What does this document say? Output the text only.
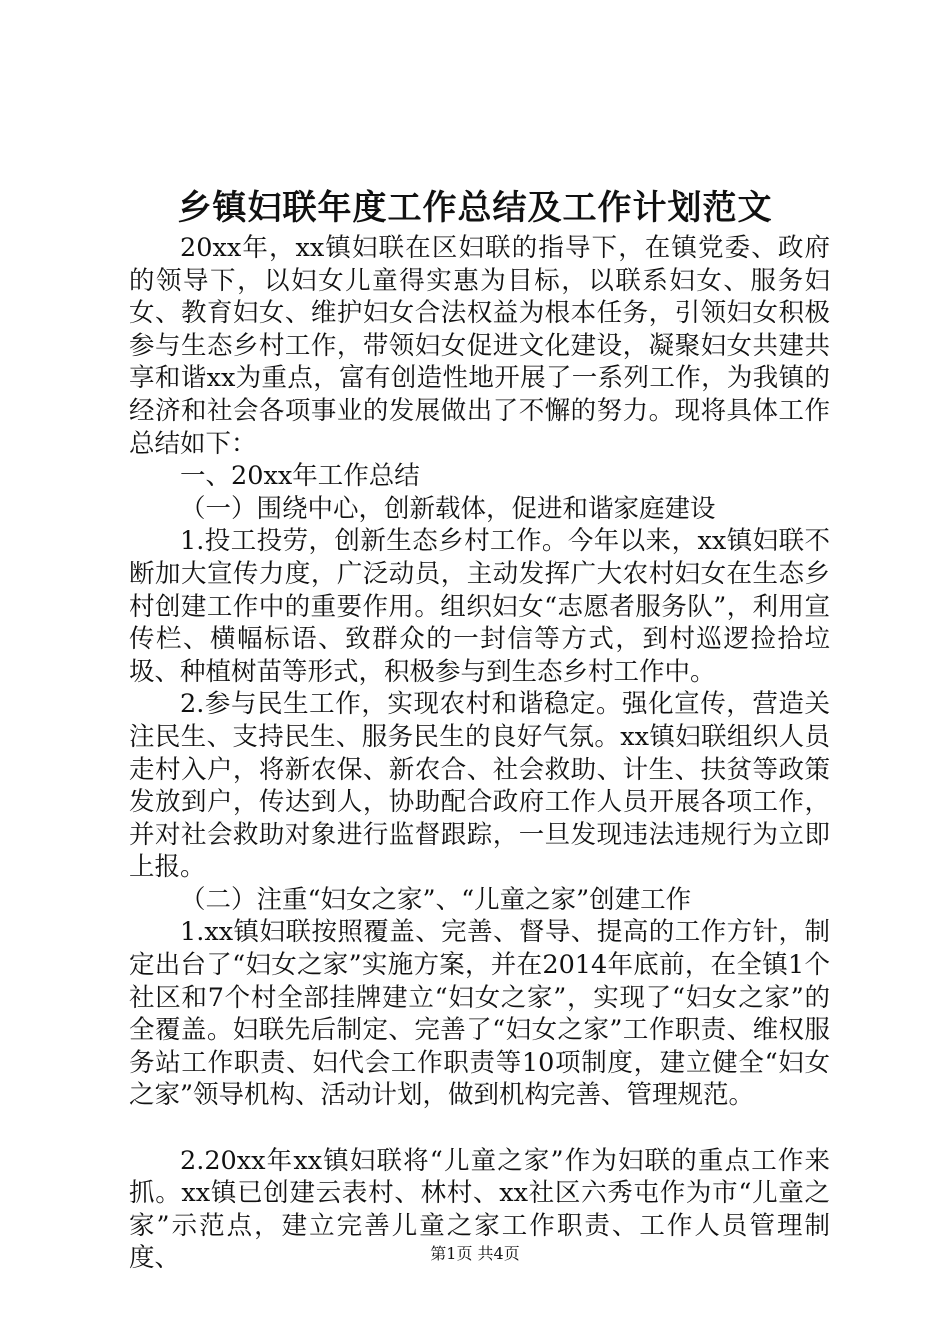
乡镇妇联年度工作总结及工作计划范文

20xx年，xx镇妇联在区妇联的指导下，在镇党委、政府的领导下，以妇女儿童得实惠为目标，以联系妇女、服务妇女、教育妇女、维护妇女合法权益为根本任务，引领妇女积极参与生态乡村工作，带领妇女促进文化建设，凝聚妇女共建共享和谐xx为重点，富有创造性地开展了一系列工作，为我镇的经济和社会各项事业的发展做出了不懈的努力。现将具体工作总结如下：

一、20xx年工作总结

（一）围绕中心，创新载体，促进和谐家庭建设

1.投工投劳，创新生态乡村工作。今年以来，xx镇妇联不断加大宣传力度，广泛动员，主动发挥广大农村妇女在生态乡村创建工作中的重要作用。组织妇女“志愿者服务队”，利用宣传栏、横幅标语、致群众的一封信等方式，到村巡逻捡拾垃圾、种植树苗等形式，积极参与到生态乡村工作中。

2.参与民生工作，实现农村和谐稳定。强化宣传，营造关注民生、支持民生、服务民生的良好气氛。xx镇妇联组织人员走村入户，将新农保、新农合、社会救助、计生、扶贫等政策发放到户，传达到人，协助配合政府工作人员开展各项工作，并对社会救助对象进行监督跟踪，一旦发现违法违规行为立即上报。

（二）注重“妇女之家”、“儿童之家”创建工作

1.xx镇妇联按照覆盖、完善、督导、提高的工作方针，制定出台了“妇女之家”实施方案，并在2014年底前，在全镇1个社区和7个村全部挂牌建立“妇女之家”，实现了“妇女之家”的全覆盖。妇联先后制定、完善了“妇女之家”工作职责、维权服务站工作职责、妇代会工作职责等10项制度，建立健全“妇女之家”领导机构、活动计划，做到机构完善、管理规范。

2.20xx年xx镇妇联将“儿童之家”作为妇联的重点工作来抓。xx镇已创建云表村、林村、xx社区六秀屯作为市“儿童之家”示范点，建立完善儿童之家工作职责、工作人员管理制度、	第1页 共4页
